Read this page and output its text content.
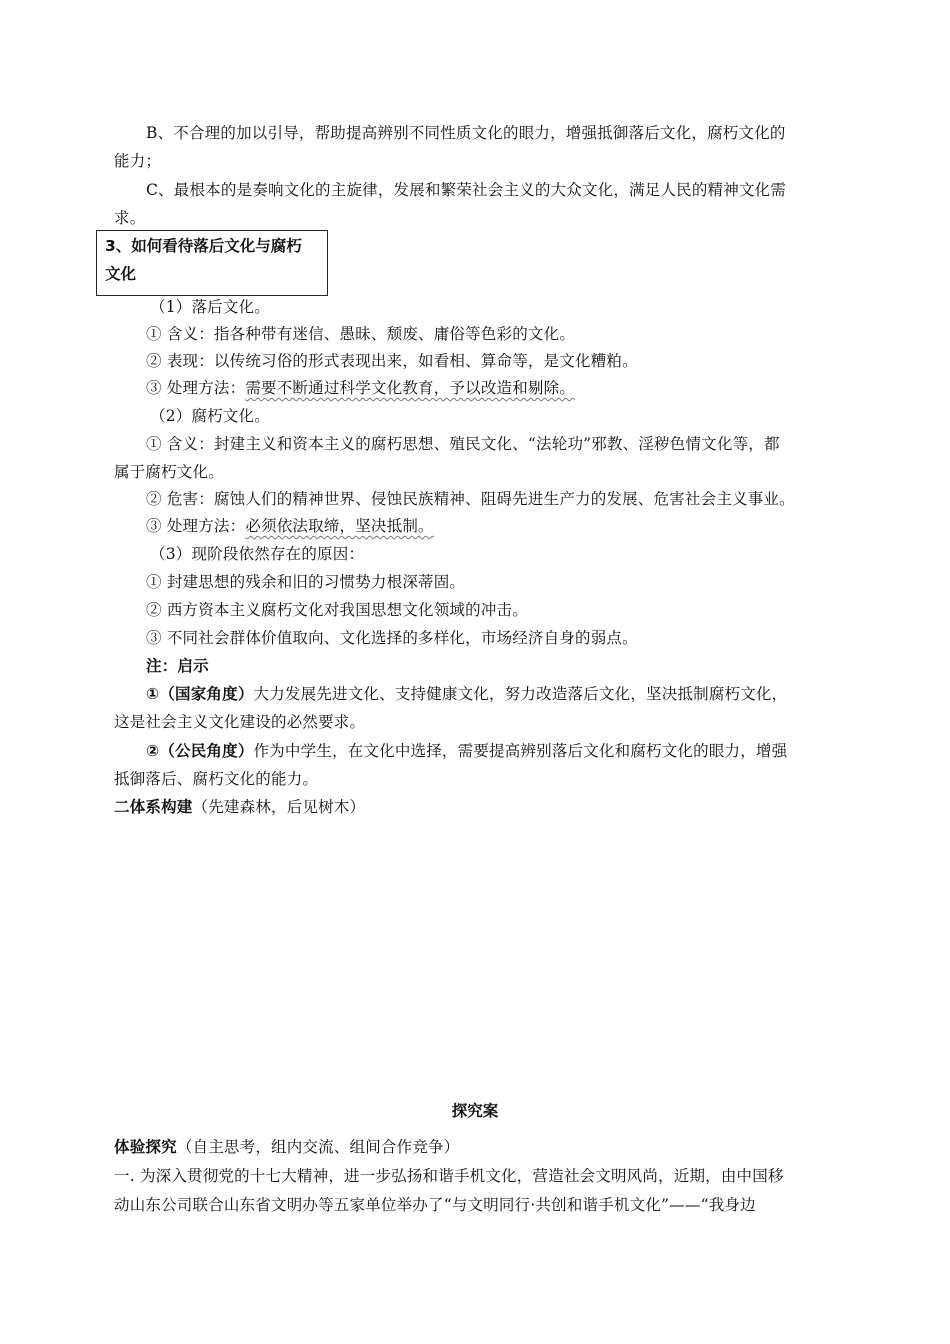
B、不合理的加以引导，帮助提高辨别不同性质文化的眼力，增强抵御落后文化，腐朽文化的
能力；
C、最根本的是奏响文化的主旋律，发展和繁荣社会主义的大众文化，满足人民的精神文化需
求。
3、如何看待落后文化与腐朽
文化
（1）落后文化。
① 含义：指各种带有迷信、愚昧、颓废、庸俗等色彩的文化。
② 表现：以传统习俗的形式表现出来，如看相、算命等，是文化糟粕。
③ 处理方法：需要不断通过科学文化教育，予以改造和剔除。
（2）腐朽文化。
① 含义：封建主义和资本主义的腐朽思想、殖民文化、“法轮功”邪教、淫秽色情文化等，都
属于腐朽文化。
② 危害：腐蚀人们的精神世界、侵蚀民族精神、阻碍先进生产力的发展、危害社会主义事业。
③ 处理方法：必须依法取缔，坚决抵制。
（3）现阶段依然存在的原因：
① 封建思想的残余和旧的习惯势力根深蒂固。
② 西方资本主义腐朽文化对我国思想文化领域的冲击。
③ 不同社会群体价值取向、文化选择的多样化，市场经济自身的弱点。
注：启示
①（国家角度）大力发展先进文化、支持健康文化，努力改造落后文化，坚决抵制腐朽文化，
这是社会主义文化建设的必然要求。
②（公民角度）作为中学生，在文化中选择，需要提高辨别落后文化和腐朽文化的眼力，增强
抵御落后、腐朽文化的能力。
二体系构建（先建森林，后见树木）
探究案
体验探究（自主思考，组内交流、组间合作竞争）
一. 为深入贯彻党的十七大精神，进一步弘扬和谐手机文化，营造社会文明风尚，近期，由中国移
动山东公司联合山东省文明办等五家单位举办了“与文明同行·共创和谐手机文化”——“我身边
